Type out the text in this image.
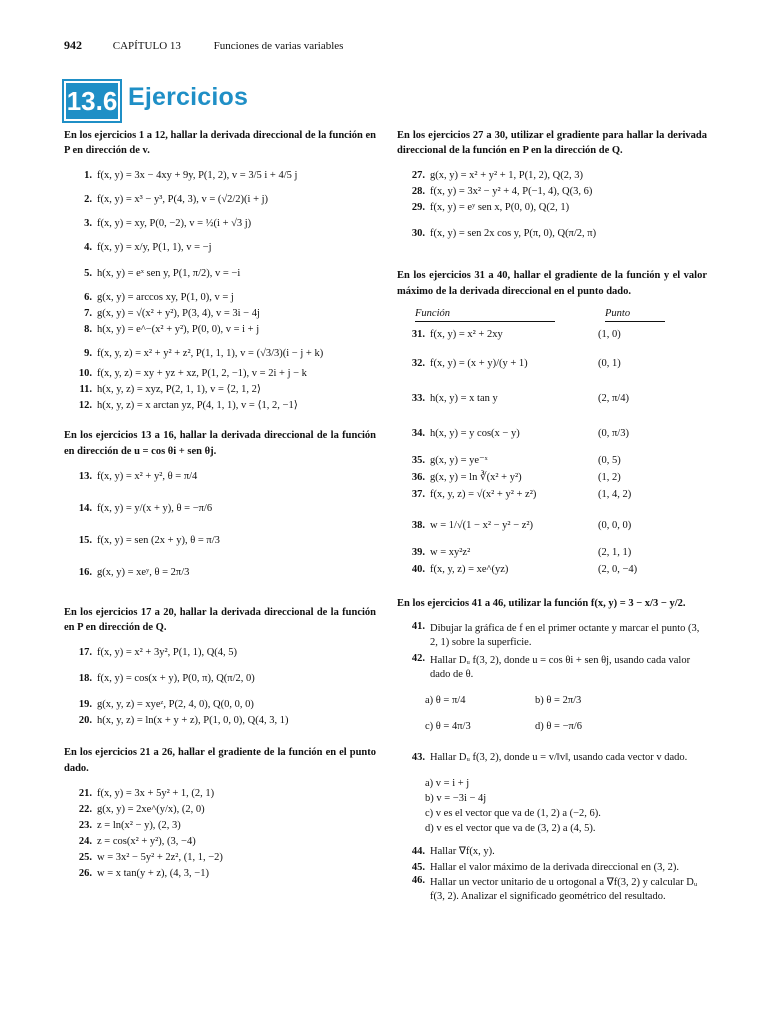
942	CAPÍTULO 13	Funciones de varias variables
13.6 Ejercicios

En los ejercicios 1 a 12, hallar la derivada direccional de la función en P en dirección de v.

1. f(x, y) = 3x − 4xy + 9y, P(1, 2), v = 3/5 i + 4/5 j
2. f(x, y) = x³ − y³, P(4, 3), v = (√2/2)(i + j)
3. f(x, y) = xy, P(0, −2), v = ½(i + √3 j)
4. f(x, y) = x/y, P(1, 1), v = −j
5. h(x, y) = eˣ sen y, P(1, π/2), v = −i
6. g(x, y) = arccos xy, P(1, 0), v = j
7. g(x, y) = √(x² + y²), P(3, 4), v = 3i − 4j
8. h(x, y) = e^−(x² + y²), P(0, 0), v = i + j
9. f(x, y, z) = x² + y² + z², P(1, 1, 1), v = (√3/3)(i − j + k)
10. f(x, y, z) = xy + yz + xz, P(1, 2, −1), v = 2i + j − k
11. h(x, y, z) = xyz, P(2, 1, 1), v = ⟨2, 1, 2⟩
12. h(x, y, z) = x arctan yz, P(4, 1, 1), v = ⟨1, 2, −1⟩

En los ejercicios 13 a 16, hallar la derivada direccional de la función en dirección de u = cos θi + sen θj.

13. f(x, y) = x² + y², θ = π/4
14. f(x, y) = y/(x + y), θ = −π/6
15. f(x, y) = sen (2x + y), θ = π/3
16. g(x, y) = xeʸ, θ = 2π/3

En los ejercicios 17 a 20, hallar la derivada direccional de la función en P en dirección de Q.

17. f(x, y) = x² + 3y², P(1, 1), Q(4, 5)
18. f(x, y) = cos(x + y), P(0, π), Q(π/2, 0)
19. g(x, y, z) = xyeᶻ, P(2, 4, 0), Q(0, 0, 0)
20. h(x, y, z) = ln(x + y + z), P(1, 0, 0), Q(4, 3, 1)

En los ejercicios 21 a 26, hallar el gradiente de la función en el punto dado.

21. f(x, y) = 3x + 5y² + 1, (2, 1)
22. g(x, y) = 2xe^(y/x), (2, 0)
23. z = ln(x² − y), (2, 3)
24. z = cos(x² + y²), (3, −4)
25. w = 3x² − 5y² + 2z², (1, 1, −2)
26. w = x tan(y + z), (4, 3, −1)

En los ejercicios 27 a 30, utilizar el gradiente para hallar la derivada direccional de la función en P en la dirección de Q.

27. g(x, y) = x² + y² + 1, P(1, 2), Q(2, 3)
28. f(x, y) = 3x² − y² + 4, P(−1, 4), Q(3, 6)
29. f(x, y) = eʸ sen x, P(0, 0), Q(2, 1)
30. f(x, y) = sen 2x cos y, P(π, 0), Q(π/2, π)

En los ejercicios 31 a 40, hallar el gradiente de la función y el valor máximo de la derivada direccional en el punto dado.

Función	Punto
31. f(x, y) = x² + 2xy	(1, 0)
32. f(x, y) = (x + y)/(y + 1)	(0, 1)
33. h(x, y) = x tan y	(2, π/4)
34. h(x, y) = y cos(x − y)	(0, π/3)
35. g(x, y) = ye⁻ˣ	(0, 5)
36. g(x, y) = ln ∛(x² + y²)	(1, 2)
37. f(x, y, z) = √(x² + y² + z²)	(1, 4, 2)
38. w = 1/√(1 − x² − y² − z²)	(0, 0, 0)
39. w = xy²z²	(2, 1, 1)
40. f(x, y, z) = xe^(yz)	(2, 0, −4)

En los ejercicios 41 a 46, utilizar la función f(x, y) = 3 − x/3 − y/2.

41. Dibujar la gráfica de f en el primer octante y marcar el punto (3, 2, 1) sobre la superficie.
42. Hallar Dᵤ f(3, 2), donde u = cos θi + sen θj, usando cada valor dado de θ.
a) θ = π/4	b) θ = 2π/3
c) θ = 4π/3	d) θ = −π/6
43. Hallar Dᵤ f(3, 2), donde u = v/‖v‖, usando cada vector v dado.
a) v = i + j
b) v = −3i − 4j
c) v es el vector que va de (1, 2) a (−2, 6).
d) v es el vector que va de (3, 2) a (4, 5).
44. Hallar ∇f(x, y).
45. Hallar el valor máximo de la derivada direccional en (3, 2).
46. Hallar un vector unitario de u ortogonal a ∇f(3, 2) y calcular Dᵤ f(3, 2). Analizar el significado geométrico del resultado.
